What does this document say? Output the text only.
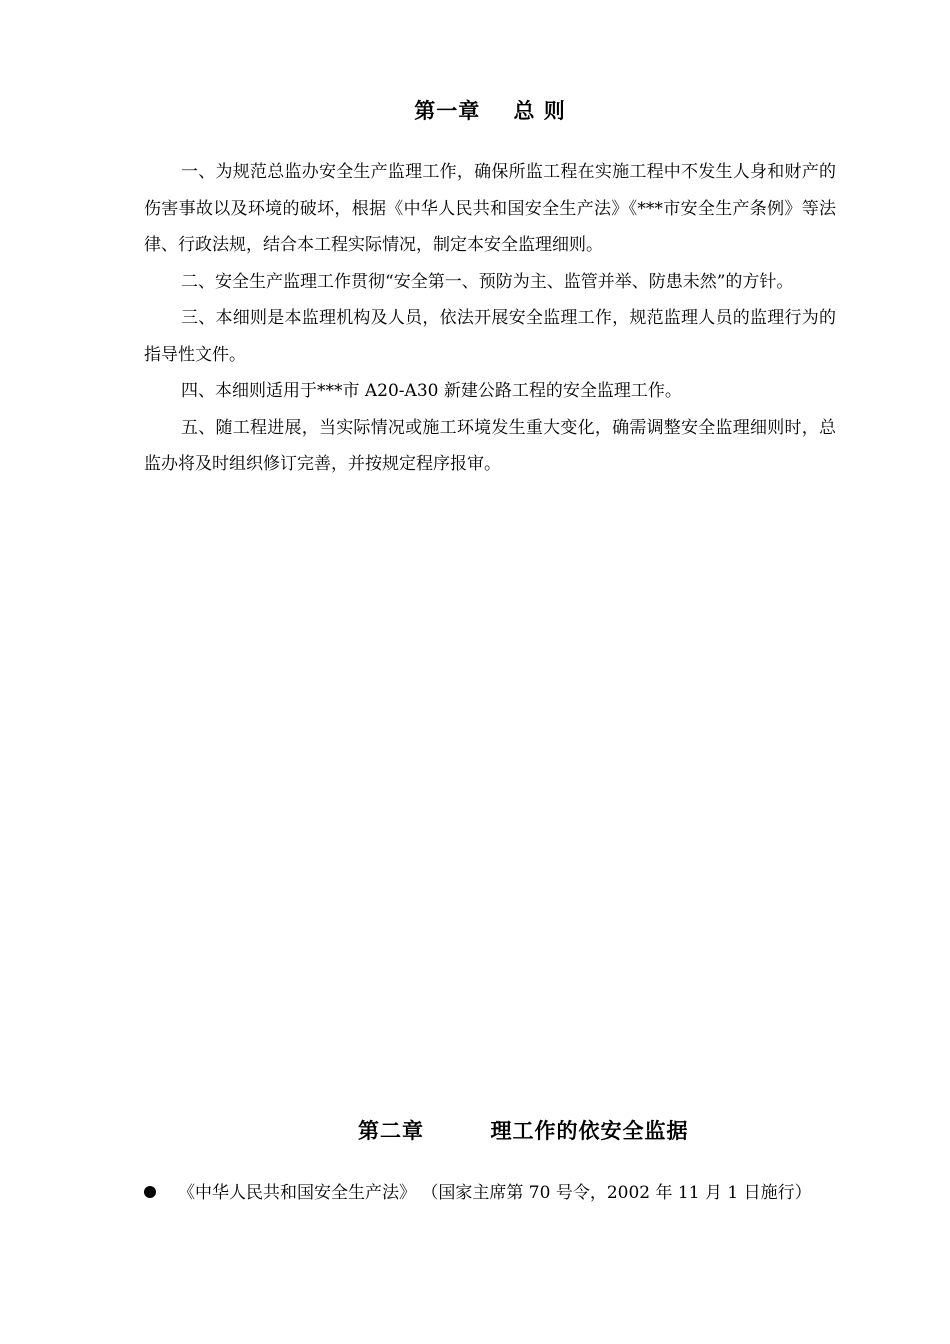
第一章    总 则

一、为规范总监办安全生产监理工作，确保所监工程在实施工程中不发生人身和财产的伤害事故以及环境的破坏，根据《中华人民共和国安全生产法》《***市安全生产条例》等法律、行政法规，结合本工程实际情况，制定本安全监理细则。

二、安全生产监理工作贯彻“安全第一、预防为主、监管并举、防患未然”的方针。

三、本细则是本监理机构及人员，依法开展安全监理工作，规范监理人员的监理行为的指导性文件。

四、本细则适用于***市 A20-A30 新建公路工程的安全监理工作。

五、随工程进展，当实际情况或施工环境发生重大变化，确需调整安全监理细则时，总监办将及时组织修订完善，并按规定程序报审。

第二章        理工作的依安全监据
《中华人民共和国安全生产法》 （国家主席第 70 号令，2002 年 11 月 1 日施行）
